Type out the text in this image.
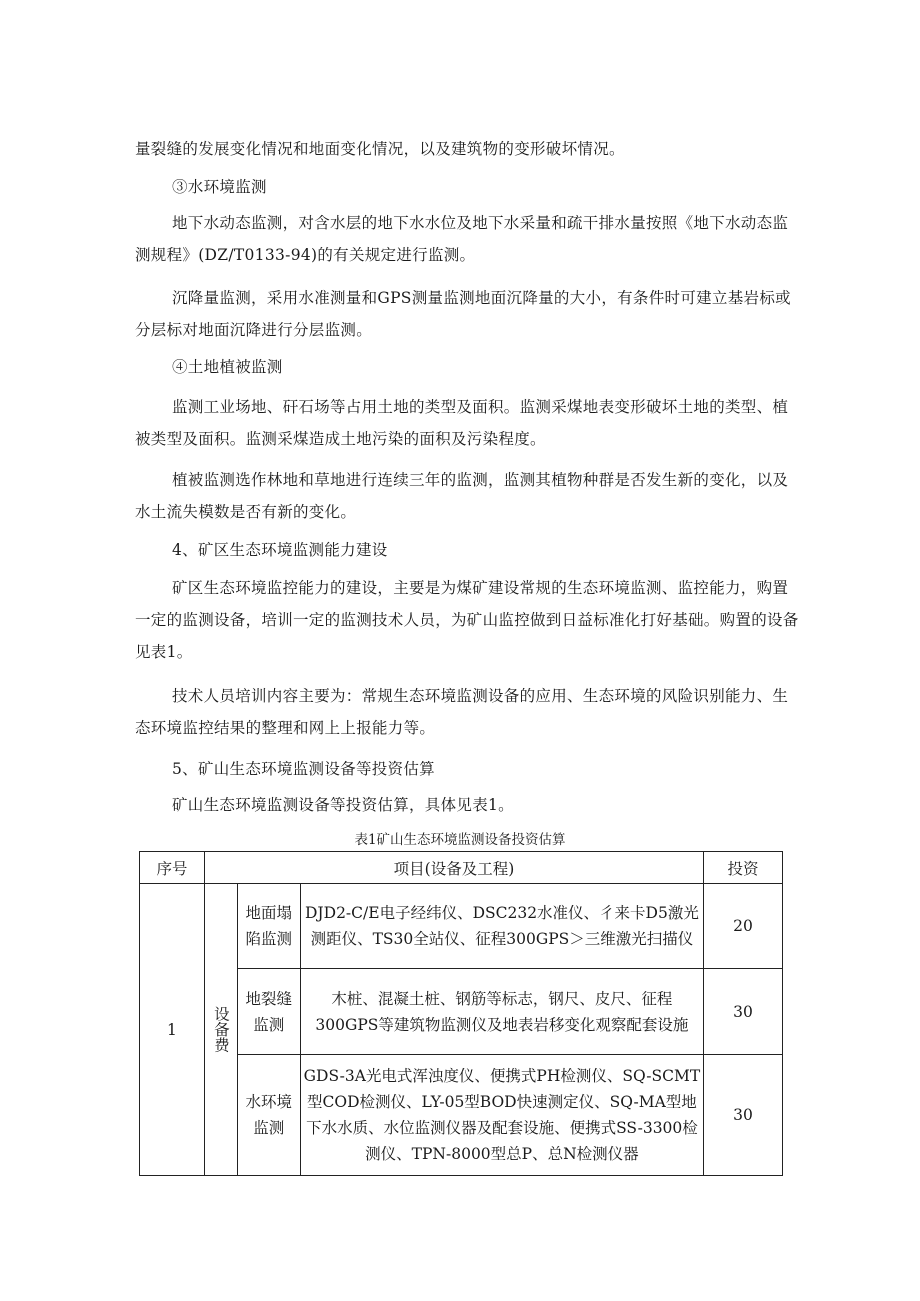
量裂缝的发展变化情况和地面变化情况，以及建筑物的变形破坏情况。

③水环境监测

地下水动态监测，对含水层的地下水水位及地下水采量和疏干排水量按照《地下水动态监测规程》(DZ/T0133-94)的有关规定进行监测。

沉降量监测，采用水准测量和GPS测量监测地面沉降量的大小，有条件时可建立基岩标或分层标对地面沉降进行分层监测。

④土地植被监测

监测工业场地、矸石场等占用土地的类型及面积。监测采煤地表变形破坏土地的类型、植被类型及面积。监测采煤造成土地污染的面积及污染程度。

植被监测选作林地和草地进行连续三年的监测，监测其植物种群是否发生新的变化，以及水土流失模数是否有新的变化。

4、矿区生态环境监测能力建设

矿区生态环境监控能力的建设，主要是为煤矿建设常规的生态环境监测、监控能力，购置一定的监测设备，培训一定的监测技术人员，为矿山监控做到日益标准化打好基础。购置的设备见表1。

技术人员培训内容主要为：常规生态环境监测设备的应用、生态环境的风险识别能力、生态环境监控结果的整理和网上上报能力等。

5、矿山生态环境监测设备等投资估算

矿山生态环境监测设备等投资估算，具体见表1。

表1矿山生态环境监测设备投资估算
序号	项目(设备及工程)			投资
1	设备费	地面塌陷监测	DJD2-C/E电子经纬仪、DSC232水准仪、彳来卡D5激光测距仪、TS30全站仪、征程300GPS＞三维激光扫描仪	20
		地裂缝监测	木桩、混凝土桩、钢筋等标志，钢尺、皮尺、征程300GPS等建筑物监测仪及地表岩移变化观察配套设施	30
		水环境监测	GDS-3A光电式浑浊度仪、便携式PH检测仪、SQ-SCMT型COD检测仪、LY-05型BOD快速测定仪、SQ-MA型地下水水质、水位监测仪器及配套设施、便携式SS-3300检测仪、TPN-8000型总P、总N检测仪器	30
